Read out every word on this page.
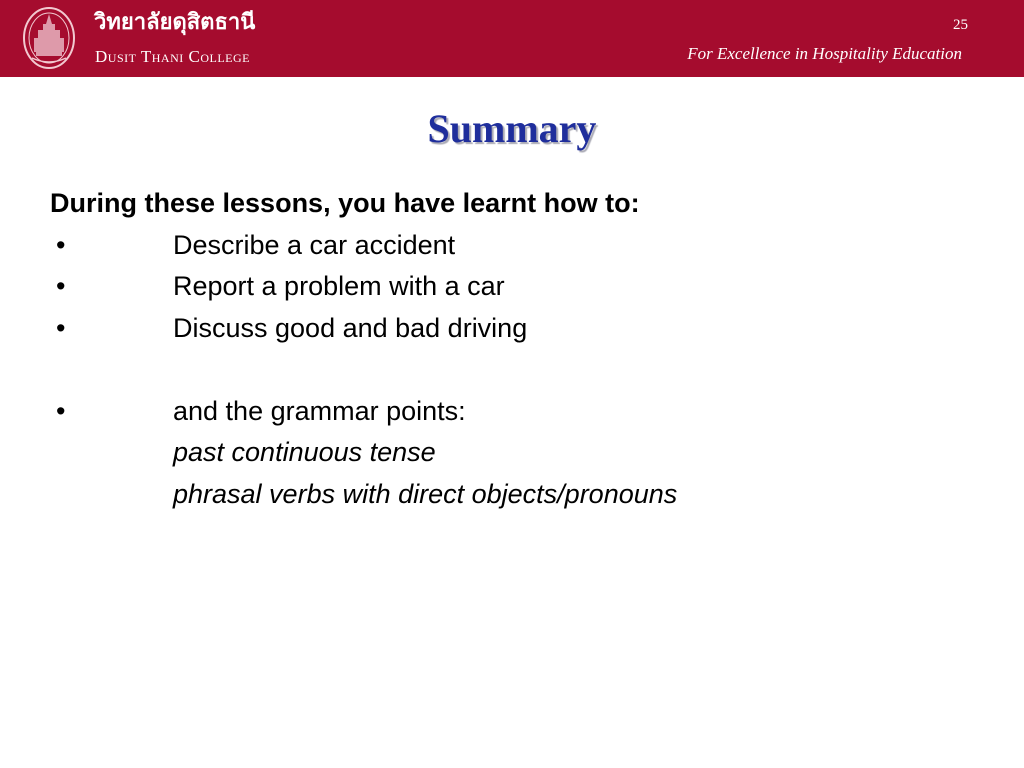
วิทยาลัยดุสิตธานี
Dusit Thani College
25
For Excellence in Hospitality Education
Summary
During these lessons, you have learnt how to:
•	Describe a car accident
•	Report a problem with a car
•	Discuss good and bad driving
•	and the grammar points:
past continuous tense
phrasal verbs with direct objects/pronouns
